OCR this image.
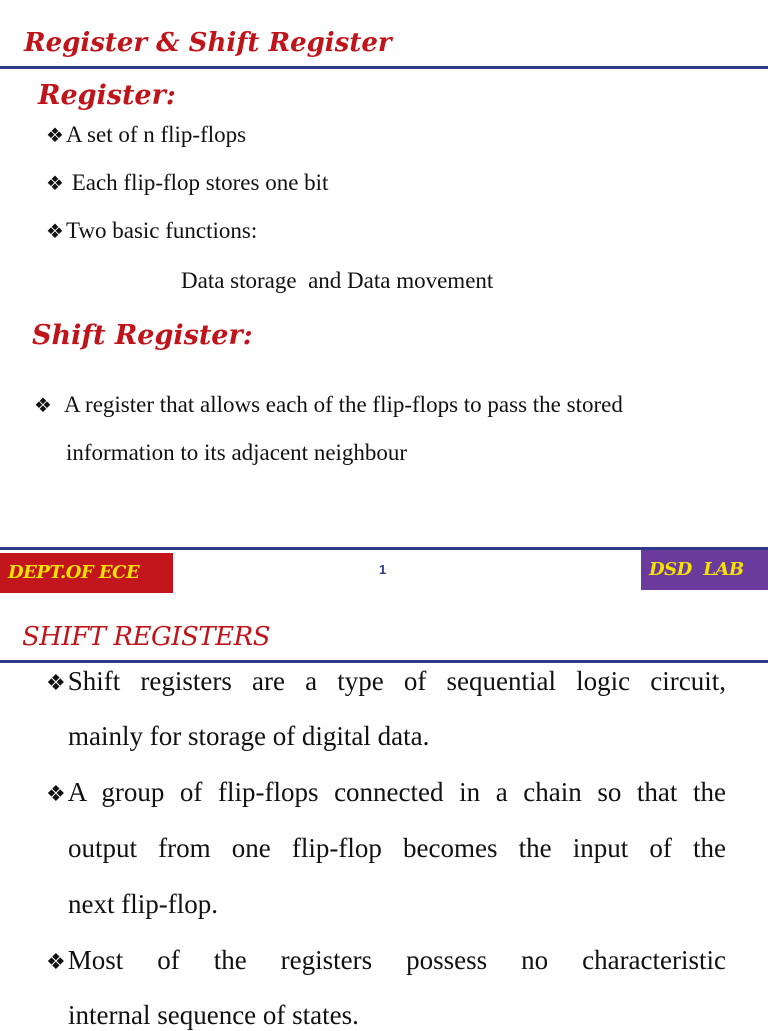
Register & Shift Register
Register:
❖A set of n flip-flops
❖ Each flip-flop stores one bit
❖Two basic functions:
Data storage  and Data movement
Shift Register:
❖ A register that allows each of the flip-flops to pass the stored
information to its adjacent neighbour
DEPT.OF ECE	1	DSD  LAB
SHIFT REGISTERS
❖Shift registers are a type of sequential logic circuit,
mainly for storage of digital data.
❖A group of flip-flops connected in a chain so that the
output from one flip-flop becomes the input of the
next flip-flop.
❖Most of the registers possess no characteristic
internal sequence of states.
